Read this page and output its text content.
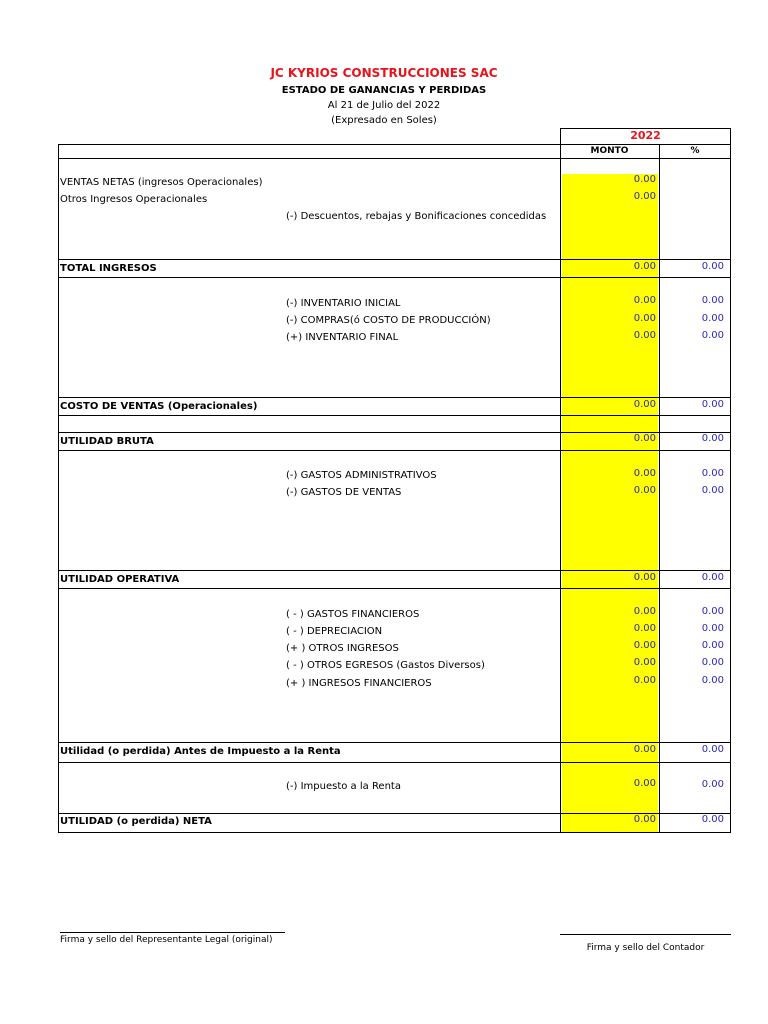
JC KYRIOS CONSTRUCCIONES SAC
ESTADO DE GANANCIAS Y PERDIDAS
Al 21 de Julio del 2022
(Expresado en Soles)
2022
MONTO	%
VENTAS NETAS (ingresos Operacionales)	0.00
Otros Ingresos Operacionales	0.00
(-) Descuentos, rebajas y Bonificaciones concedidas
TOTAL INGRESOS	0.00	0.00
(-) INVENTARIO INICIAL	0.00	0.00
(-) COMPRAS(ó COSTO DE PRODUCCIÓN)	0.00	0.00
(+) INVENTARIO FINAL	0.00	0.00
COSTO DE VENTAS (Operacionales)	0.00	0.00
UTILIDAD BRUTA	0.00	0.00
(-) GASTOS ADMINISTRATIVOS	0.00	0.00
(-) GASTOS DE VENTAS	0.00	0.00
UTILIDAD OPERATIVA	0.00	0.00
( - ) GASTOS FINANCIEROS	0.00	0.00
( - ) DEPRECIACION	0.00	0.00
(+ ) OTROS INGRESOS	0.00	0.00
( - ) OTROS EGRESOS (Gastos Diversos)	0.00	0.00
(+ ) INGRESOS FINANCIEROS	0.00	0.00
Utilidad (o perdida) Antes de Impuesto a la Renta	0.00	0.00
(-) Impuesto a la Renta	0.00	0.00
UTILIDAD (o perdida) NETA	0.00	0.00
Firma y sello del Representante Legal (original)
Firma y sello del Contador
